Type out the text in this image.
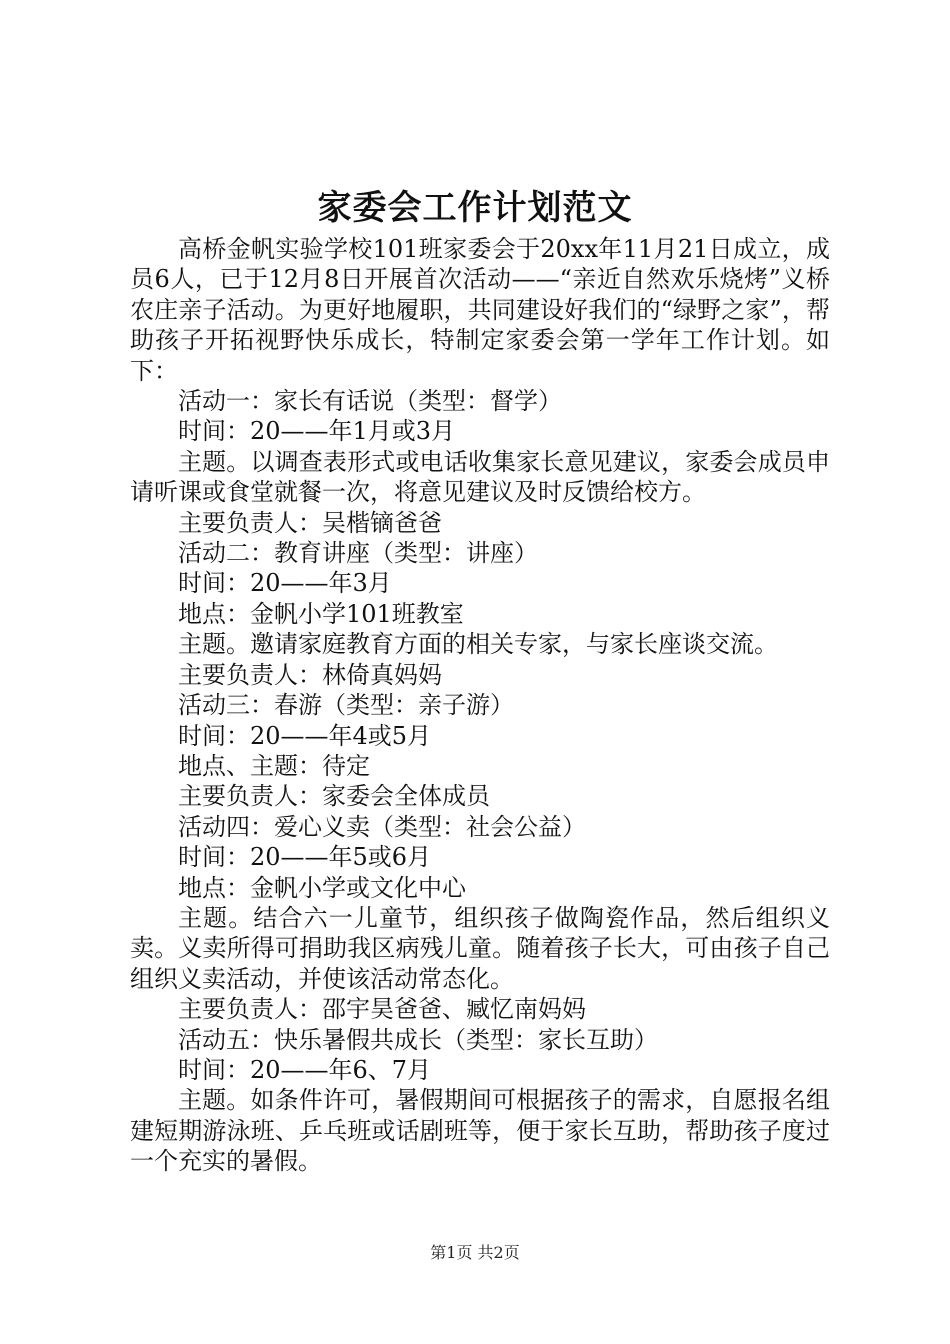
家委会工作计划范文

高桥金帆实验学校101班家委会于20xx年11月21日成立，成员6人，已于12月8日开展首次活动——“亲近自然欢乐烧烤”义桥农庄亲子活动。为更好地履职，共同建设好我们的“绿野之家”，帮助孩子开拓视野快乐成长，特制定家委会第一学年工作计划。如下：

活动一：家长有话说（类型：督学）

时间：20——年1月或3月

主题。以调查表形式或电话收集家长意见建议，家委会成员申请听课或食堂就餐一次，将意见建议及时反馈给校方。

主要负责人：吴楷镝爸爸

活动二：教育讲座（类型：讲座）

时间：20——年3月

地点：金帆小学101班教室

主题。邀请家庭教育方面的相关专家，与家长座谈交流。

主要负责人：林倚真妈妈

活动三：春游（类型：亲子游）

时间：20——年4或5月

地点、主题：待定

主要负责人：家委会全体成员

活动四：爱心义卖（类型：社会公益）

时间：20——年5或6月

地点：金帆小学或文化中心

主题。结合六一儿童节，组织孩子做陶瓷作品，然后组织义卖。义卖所得可捐助我区病残儿童。随着孩子长大，可由孩子自己组织义卖活动，并使该活动常态化。

主要负责人：邵宇昊爸爸、臧忆南妈妈

活动五：快乐暑假共成长（类型：家长互助）

时间：20——年6、7月

主题。如条件许可，暑假期间可根据孩子的需求，自愿报名组建短期游泳班、乒乓班或话剧班等，便于家长互助，帮助孩子度过一个充实的暑假。

第1页 共2页
